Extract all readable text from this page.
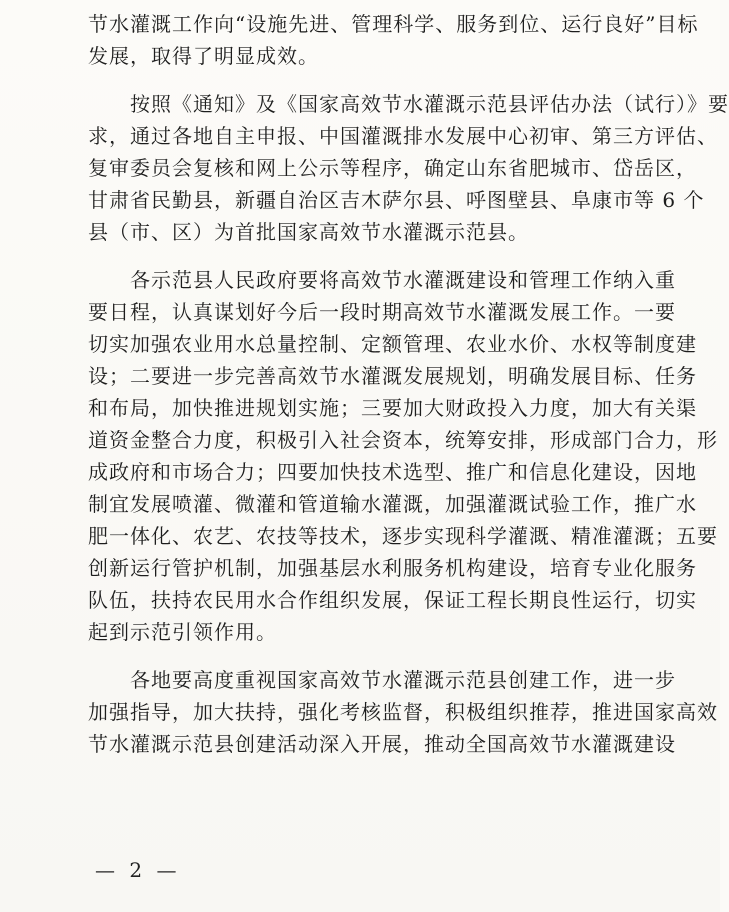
节水灌溉工作向“设施先进、管理科学、服务到位、运行良好”目标
发展，取得了明显成效。
按照《通知》及《国家高效节水灌溉示范县评估办法（试行）》要
求，通过各地自主申报、中国灌溉排水发展中心初审、第三方评估、
复审委员会复核和网上公示等程序，确定山东省肥城市、岱岳区，
甘肃省民勤县，新疆自治区吉木萨尔县、呼图壁县、阜康市等 6 个
县（市、区）为首批国家高效节水灌溉示范县。
各示范县人民政府要将高效节水灌溉建设和管理工作纳入重
要日程，认真谋划好今后一段时期高效节水灌溉发展工作。一要
切实加强农业用水总量控制、定额管理、农业水价、水权等制度建
设；二要进一步完善高效节水灌溉发展规划，明确发展目标、任务
和布局，加快推进规划实施；三要加大财政投入力度，加大有关渠
道资金整合力度，积极引入社会资本，统筹安排，形成部门合力，形
成政府和市场合力；四要加快技术选型、推广和信息化建设，因地
制宜发展喷灌、微灌和管道输水灌溉，加强灌溉试验工作，推广水
肥一体化、农艺、农技等技术，逐步实现科学灌溉、精准灌溉；五要
创新运行管护机制，加强基层水利服务机构建设，培育专业化服务
队伍，扶持农民用水合作组织发展，保证工程长期良性运行，切实
起到示范引领作用。
各地要高度重视国家高效节水灌溉示范县创建工作，进一步
加强指导，加大扶持，强化考核监督，积极组织推荐，推进国家高效
节水灌溉示范县创建活动深入开展，推动全国高效节水灌溉建设
— 2 —
